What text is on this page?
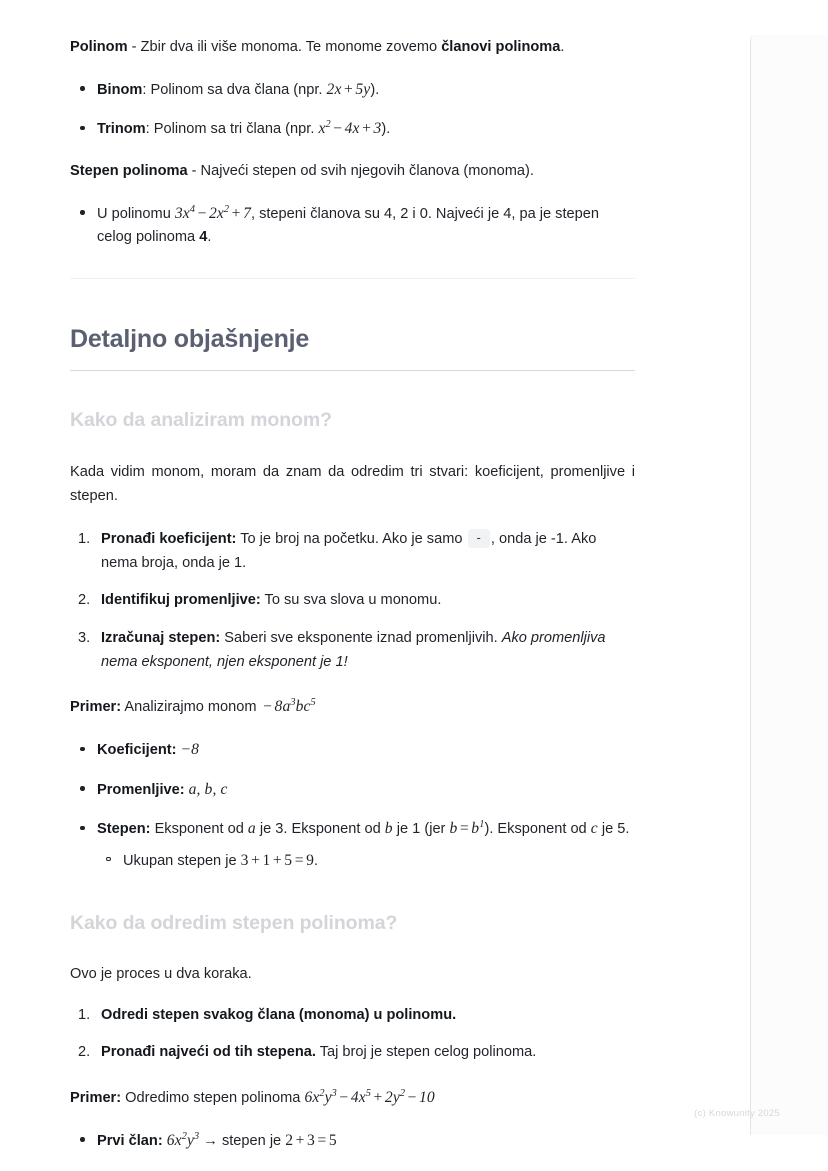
Polinom - Zbir dva ili više monoma. Te monome zovemo članovi polinoma.

Binom: Polinom sa dva člana (npr. 2x + 5y).
Trinom: Polinom sa tri člana (npr. $x^2 - 4x + 3$).

Stepen polinoma - Najveći stepen od svih njegovih članova (monoma).

U polinomu $3x^4 - 2x^2 + 7$, stepeni članova su 4, 2 i 0. Najveći je 4, pa je stepen celog polinoma 4.
Detaljno objašnjenje
Kako da analiziram monom?

Kada vidim monom, moram da znam da odredim tri stvari: koeficijent, promenljive i stepen.

Pronađi koeficijent: To je broj na početku. Ako je samo - , onda je -1. Ako nema broja, onda je 1.
Identifikuj promenljive: To su sva slova u monomu.
Izračunaj stepen: Saberi sve eksponente iznad promenljivih. Ako promenljiva nema eksponent, njen eksponent je 1!

Primer: Analizirajmo monom − $8a^3bc^5$

Koeficijent: −8
Promenljive: a, b, c
Stepen: Eksponent od a je 3. Eksponent od b je 1 (jer $b = b^1$). Eksponent od c je 5.
Ukupan stepen je 3 + 1 + 5 = 9.
Kako da odredim stepen polinoma?

Ovo je proces u dva koraka.

Odredi stepen svakog člana (monoma) u polinomu.
Pronađi najveći od tih stepena. Taj broj je stepen celog polinoma.

Primer: Odredimo stepen polinoma $6x^2y^3 - 4x^5 + 2y^2 - 10$

Prvi član: $6x^2y^3$ → stepen je 2 + 3 = 5
(c) Knowunity 2025
